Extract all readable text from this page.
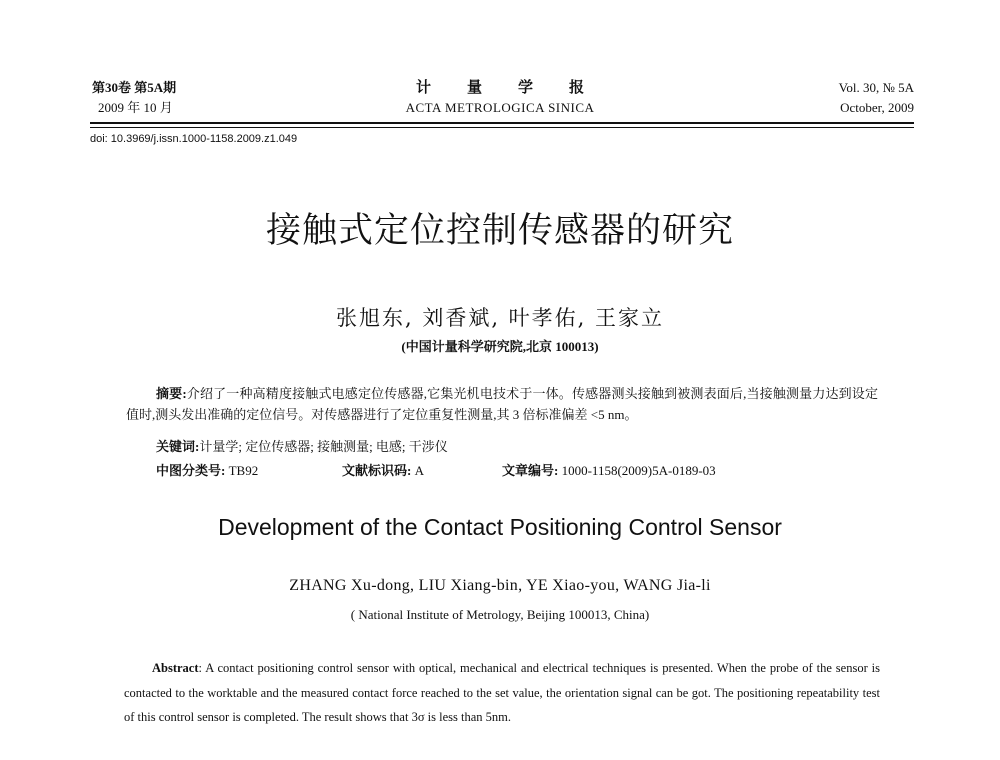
第30卷 第5A期
2009 年 10 月
计量学报
ACTA METROLOGICA SINICA
Vol. 30, № 5A
October, 2009
doi: 10.3969/j.issn.1000-1158.2009.z1.049
接触式定位控制传感器的研究
张旭东, 刘香斌, 叶孝佑, 王家立
(中国计量科学研究院,北京 100013)
摘要:介绍了一种高精度接触式电感定位传感器,它集光机电技术于一体。传感器测头接触到被测表面后,当接触测量力达到设定值时,测头发出准确的定位信号。对传感器进行了定位重复性测量,其 3 倍标准偏差 <5 nm。
关键词:计量学; 定位传感器; 接触测量; 电感; 干涉仪
中图分类号: TB92	文献标识码: A	文章编号: 1000-1158(2009)5A-0189-03
Development of the Contact Positioning Control Sensor
ZHANG Xu-dong, LIU Xiang-bin, YE Xiao-you, WANG Jia-li
( National Institute of Metrology, Beijing 100013, China)
Abstract: A contact positioning control sensor with optical, mechanical and electrical techniques is presented. When the probe of the sensor is contacted to the worktable and the measured contact force reached to the set value, the orientation signal can be got. The positioning repeatability test of this control sensor is completed. The result shows that 3σ is less than 5nm.
